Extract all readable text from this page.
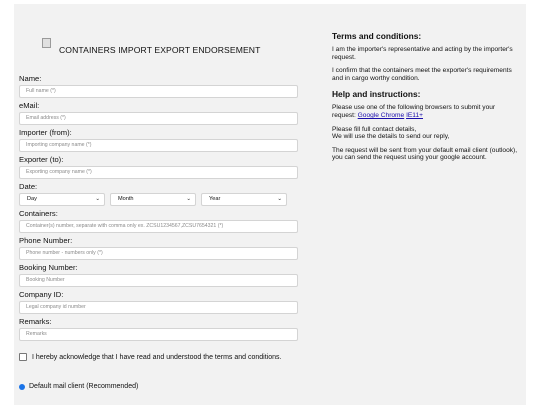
CONTAINERS IMPORT EXPORT ENDORSEMENT
Name:
Full name (*)
eMail:
Email address (*)
Importer (from):
Importing company name (*)
Exporter (to):
Exporting company name (*)
Date:
Day	⌄	Month	⌄	Year	⌄
Containers:
Container(s) number, separate with comma only ex. ZCSU1234567,ZCSU7654321 (*)
Phone Number:
Phone number - numbers only (*)
Booking Number:
Booking Number
Company ID:
Legal company id number
Remarks:
Remarks
I hereby acknowledge that I have read and understood the terms and conditions.
Default mail client (Recommended)
Terms and conditions:

I am the importer's representative and acting by the importer's request.

I confirm that the containers meet the exporter's requirements and in cargo worthy condition.

Help and instructions:

Please use one of the following browsers to submit your request: Google Chrome IE11+

Please fill full contact details,
We will use the details to send our reply,

The request will be sent from your default email client (outlook),
you can send the request using your google account.
